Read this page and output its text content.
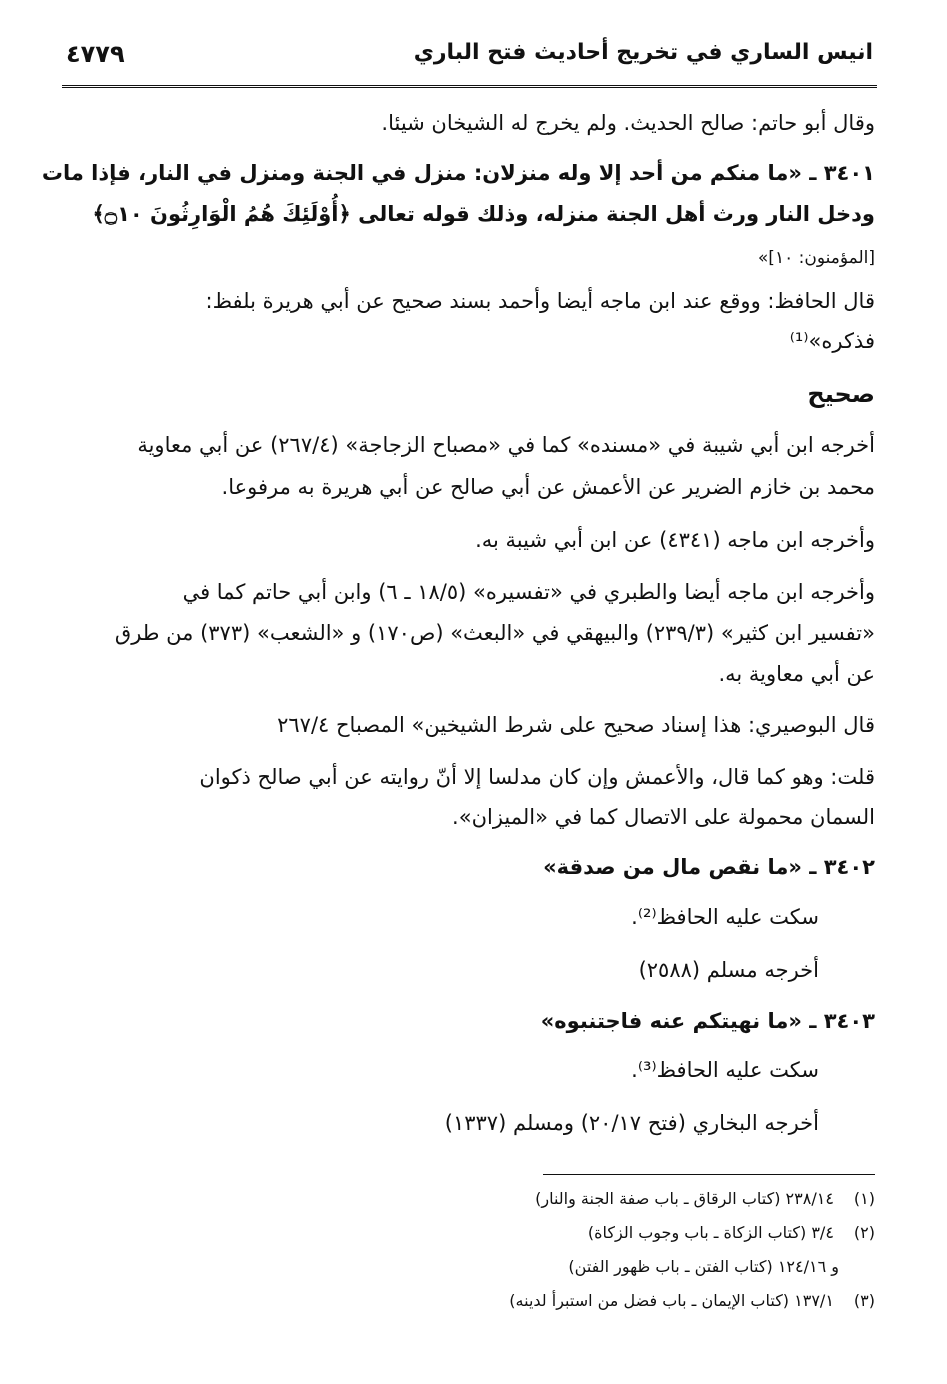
انيس الساري في تخريج أحاديث فتح الباري
٤٧٧٩
وقال أبو حاتم: صالح الحديث. ولم يخرج له الشيخان شيئا.
٣٤٠١ ـ «ما منكم من أحد إلا وله منزلان: منزل في الجنة ومنزل في النار، فإذا مات
ودخل النار ورث أهل الجنة منزله، وذلك قوله تعالى ﴿أُوْلَئِكَ هُمُ الْوَارِثُونَ ۝١٠﴾
[المؤمنون: ١٠]»
قال الحافظ: ووقع عند ابن ماجه أيضا وأحمد بسند صحيح عن أبي هريرة بلفظ:
فذكره»⁽¹⁾
صحيح
أخرجه ابن أبي شيبة في «مسنده» كما في «مصباح الزجاجة» (٢٦٧/٤) عن أبي معاوية
محمد بن خازم الضرير عن الأعمش عن أبي صالح عن أبي هريرة به مرفوعا.
وأخرجه ابن ماجه (٤٣٤١) عن ابن أبي شيبة به.
وأخرجه ابن ماجه أيضا والطبري في «تفسيره» (١٨/٥ ـ ٦) وابن أبي حاتم كما في
«تفسير ابن كثير» (٢٣٩/٣) والبيهقي في «البعث» (ص١٧٠) و «الشعب» (٣٧٣) من طرق
عن أبي معاوية به.
قال البوصيري: هذا إسناد صحيح على شرط الشيخين» المصباح ٢٦٧/٤
قلت: وهو كما قال، والأعمش وإن كان مدلسا إلا أنّ روايته عن أبي صالح ذكوان
السمان محمولة على الاتصال كما في «الميزان».
٣٤٠٢ ـ «ما نقص مال من صدقة»
سكت عليه الحافظ⁽²⁾.
أخرجه مسلم (٢٥٨٨)
٣٤٠٣ ـ «ما نهيتكم عنه فاجتنبوه»
سكت عليه الحافظ⁽³⁾.
أخرجه البخاري (فتح ٢٠/١٧) ومسلم (١٣٣٧)
(١) ٢٣٨/١٤ (كتاب الرقاق ـ باب صفة الجنة والنار)
(٢) ٣/٤ (كتاب الزكاة ـ باب وجوب الزكاة)
و ١٢٤/١٦ (كتاب الفتن ـ باب ظهور الفتن)
(٣) ١٣٧/١ (كتاب الإيمان ـ باب فضل من استبرأ لدينه)
